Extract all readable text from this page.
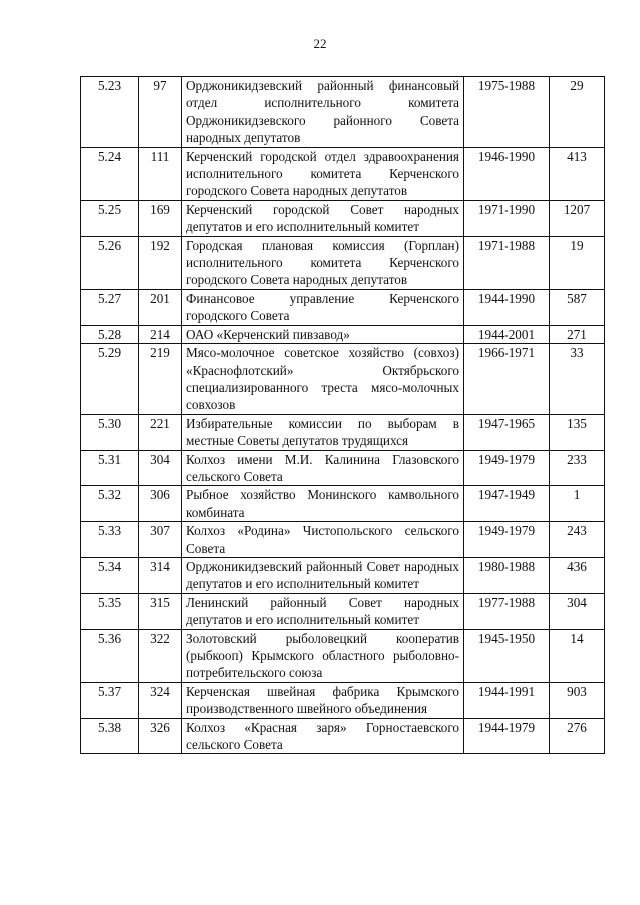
22
5.23	97	Орджоникидзевский районный финансовый отдел исполнительного комитета Орджоникидзевского районного Совета народных депутатов	1975-1988	29
5.24	111	Керченский городской отдел здравоохранения исполнительного комитета Керченского городского Совета народных депутатов	1946-1990	413
5.25	169	Керченский городской Совет народных депутатов и его исполнительный комитет	1971-1990	1207
5.26	192	Городская плановая комиссия (Горплан) исполнительного комитета Керченского городского Совета народных депутатов	1971-1988	19
5.27	201	Финансовое управление Керченского городского Совета	1944-1990	587
5.28	214	ОАО «Керченский пивзавод»	1944-2001	271
5.29	219	Мясо-молочное советское хозяйство (совхоз) «Краснофлотский» Октябрьского специализированного треста мясо-молочных совхозов	1966-1971	33
5.30	221	Избирательные комиссии по выборам в местные Советы депутатов трудящихся	1947-1965	135
5.31	304	Колхоз имени М.И. Калинина Глазовского сельского Совета	1949-1979	233
5.32	306	Рыбное хозяйство Монинского камвольного комбината	1947-1949	1
5.33	307	Колхоз «Родина» Чистопольского сельского Совета	1949-1979	243
5.34	314	Орджоникидзевский районный Совет народных депутатов и его исполнительный комитет	1980-1988	436
5.35	315	Ленинский районный Совет народных депутатов и его исполнительный комитет	1977-1988	304
5.36	322	Золотовский рыболовецкий кооператив (рыбкооп) Крымского областного рыболовно-потребительского союза	1945-1950	14
5.37	324	Керченская швейная фабрика Крымского производственного швейного объединения	1944-1991	903
5.38	326	Колхоз «Красная заря» Горностаевского сельского Совета	1944-1979	276
